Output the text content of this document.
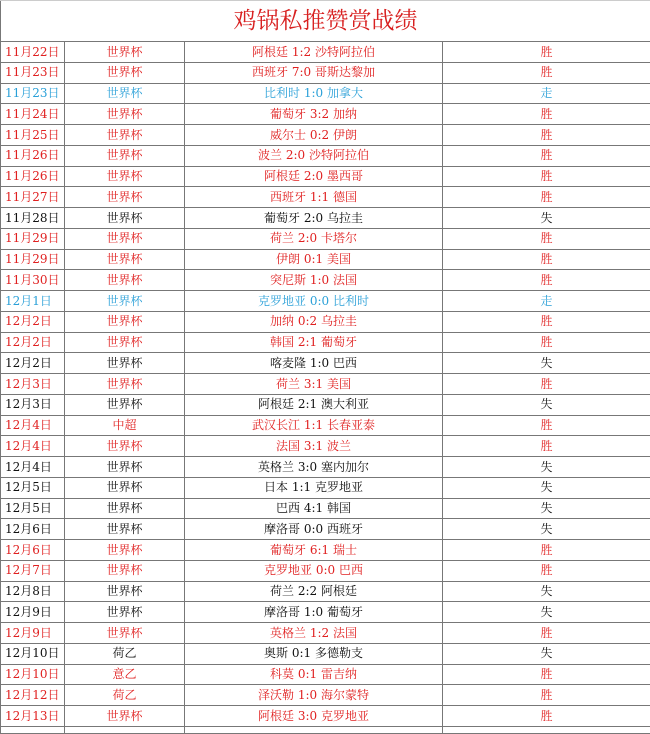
鸡锅私推赞赏战绩			
11月22日	世界杯	阿根廷 1:2 沙特阿拉伯	胜
11月23日	世界杯	西班牙 7:0 哥斯达黎加	胜
11月23日	世界杯	比利时 1:0 加拿大	走
11月24日	世界杯	葡萄牙 3:2 加纳	胜
11月25日	世界杯	威尔士 0:2 伊朗	胜
11月26日	世界杯	波兰 2:0 沙特阿拉伯	胜
11月26日	世界杯	阿根廷 2:0 墨西哥	胜
11月27日	世界杯	西班牙 1:1 德国	胜
11月28日	世界杯	葡萄牙 2:0 乌拉圭	失
11月29日	世界杯	荷兰 2:0 卡塔尔	胜
11月29日	世界杯	伊朗 0:1 美国	胜
11月30日	世界杯	突尼斯 1:0 法国	胜
12月1日	世界杯	克罗地亚 0:0 比利时	走
12月2日	世界杯	加纳 0:2 乌拉圭	胜
12月2日	世界杯	韩国 2:1 葡萄牙	胜
12月2日	世界杯	喀麦隆 1:0 巴西	失
12月3日	世界杯	荷兰 3:1 美国	胜
12月3日	世界杯	阿根廷 2:1 澳大利亚	失
12月4日	中超	武汉长江 1:1 长春亚泰	胜
12月4日	世界杯	法国 3:1 波兰	胜
12月4日	世界杯	英格兰 3:0 塞内加尔	失
12月5日	世界杯	日本 1:1 克罗地亚	失
12月5日	世界杯	巴西 4:1 韩国	失
12月6日	世界杯	摩洛哥 0:0 西班牙	失
12月6日	世界杯	葡萄牙 6:1 瑞士	胜
12月7日	世界杯	克罗地亚 0:0 巴西	胜
12月8日	世界杯	荷兰 2:2 阿根廷	失
12月9日	世界杯	摩洛哥 1:0 葡萄牙	失
12月9日	世界杯	英格兰 1:2 法国	胜
12月10日	荷乙	奥斯 0:1 多德勒支	失
12月10日	意乙	科莫 0:1 雷吉纳	胜
12月12日	荷乙	泽沃勒 1:0 海尔蒙特	胜
12月13日	世界杯	阿根廷 3:0 克罗地亚	胜
